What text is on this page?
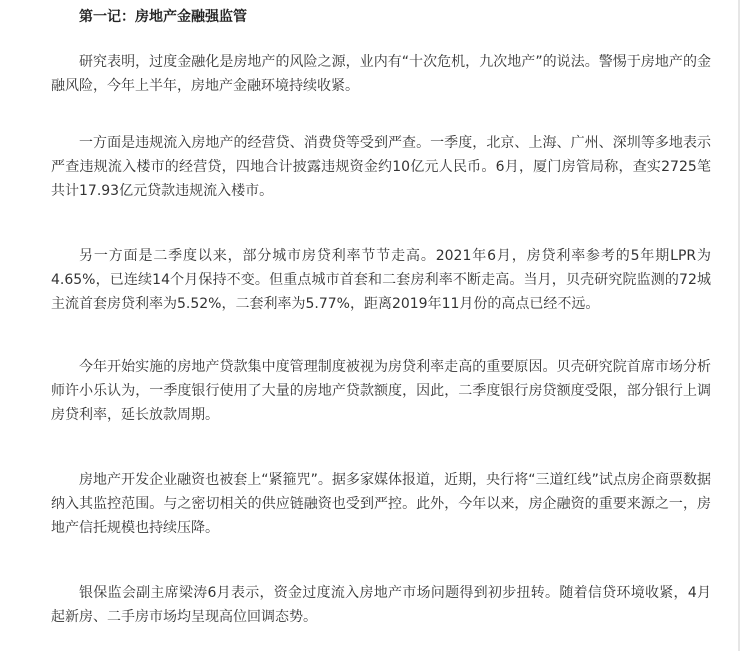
第一记：房地产金融强监管

研究表明，过度金融化是房地产的风险之源，业内有“十次危机，九次地产”的说法。警惕于房地产的金融风险，今年上半年，房地产金融环境持续收紧。

一方面是违规流入房地产的经营贷、消费贷等受到严查。一季度，北京、上海、广州、深圳等多地表示严查违规流入楼市的经营贷，四地合计披露违规资金约10亿元人民币。6月，厦门房管局称，查实2725笔共计17.93亿元贷款违规流入楼市。

另一方面是二季度以来，部分城市房贷利率节节走高。2021年6月，房贷利率参考的5年期LPR为4.65%，已连续14个月保持不变。但重点城市首套和二套房利率不断走高。当月，贝壳研究院监测的72城主流首套房贷利率为5.52%，二套利率为5.77%，距离2019年11月份的高点已经不远。

今年开始实施的房地产贷款集中度管理制度被视为房贷利率走高的重要原因。贝壳研究院首席市场分析师许小乐认为，一季度银行使用了大量的房地产贷款额度，因此，二季度银行房贷额度受限，部分银行上调房贷利率，延长放款周期。

房地产开发企业融资也被套上“紧箍咒”。据多家媒体报道，近期，央行将“三道红线”试点房企商票数据纳入其监控范围。与之密切相关的供应链融资也受到严控。此外，今年以来，房企融资的重要来源之一，房地产信托规模也持续压降。

银保监会副主席梁涛6月表示，资金过度流入房地产市场问题得到初步扭转。随着信贷环境收紧，4月起新房、二手房市场均呈现高位回调态势。
